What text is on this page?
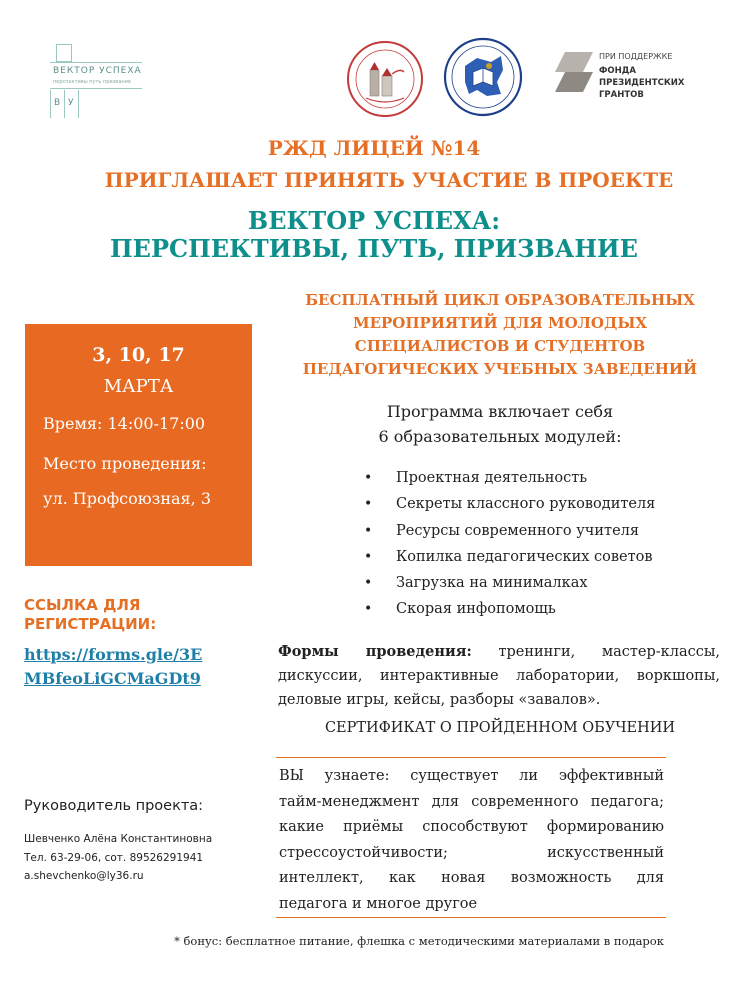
ВЕКТОР УСПЕХА
перспективы путь призвание
В У
ПРИ ПОДДЕРЖКЕ
ФОНДА
ПРЕЗИДЕНТСКИХ
ГРАНТОВ
РЖД ЛИЦЕЙ №14
ПРИГЛАШАЕТ ПРИНЯТЬ УЧАСТИЕ В ПРОЕКТЕ
ВЕКТОР УСПЕХА:
ПЕРСПЕКТИВЫ, ПУТЬ, ПРИЗВАНИЕ
БЕСПЛАТНЫЙ ЦИКЛ ОБРАЗОВАТЕЛЬНЫХ
МЕРОПРИЯТИЙ ДЛЯ МОЛОДЫХ
СПЕЦИАЛИСТОВ И СТУДЕНТОВ
ПЕДАГОГИЧЕСКИХ УЧЕБНЫХ ЗАВЕДЕНИЙ
3, 10, 17
МАРТА
Время: 14:00-17:00
Место проведения:
ул. Профсоюзная, 3
Программа включает себя
6 образовательных модулей:
• Проектная деятельность
• Секреты классного руководителя
• Ресурсы современного учителя
• Копилка педагогических советов
• Загрузка на минималках
• Скорая инфопомощь
Формы проведения: тренинги, мастер-классы, дискуссии, интерактивные лаборатории, воркшопы, деловые игры, кейсы, разборы «завалов».
СЕРТИФИКАТ О ПРОЙДЕННОМ ОБУЧЕНИИ
ВЫ узнаете: существует ли эффективный
тайм-менеджмент для современного педагога;
какие приёмы способствуют формированию
стрессоустойчивости;        искусственный
интеллект, как новая возможность для
педагога и многое другое
ССЫЛКА ДЛЯ
РЕГИСТРАЦИИ:
https://forms.gle/3E
MBfeoLiGCMaGDt9
Руководитель проекта:
Шевченко Алёна Константиновна
Тел. 63-29-06, сот. 89526291941
a.shevchenko@ly36.ru
* бонус: бесплатное питание, флешка с методическими материалами в подарок
